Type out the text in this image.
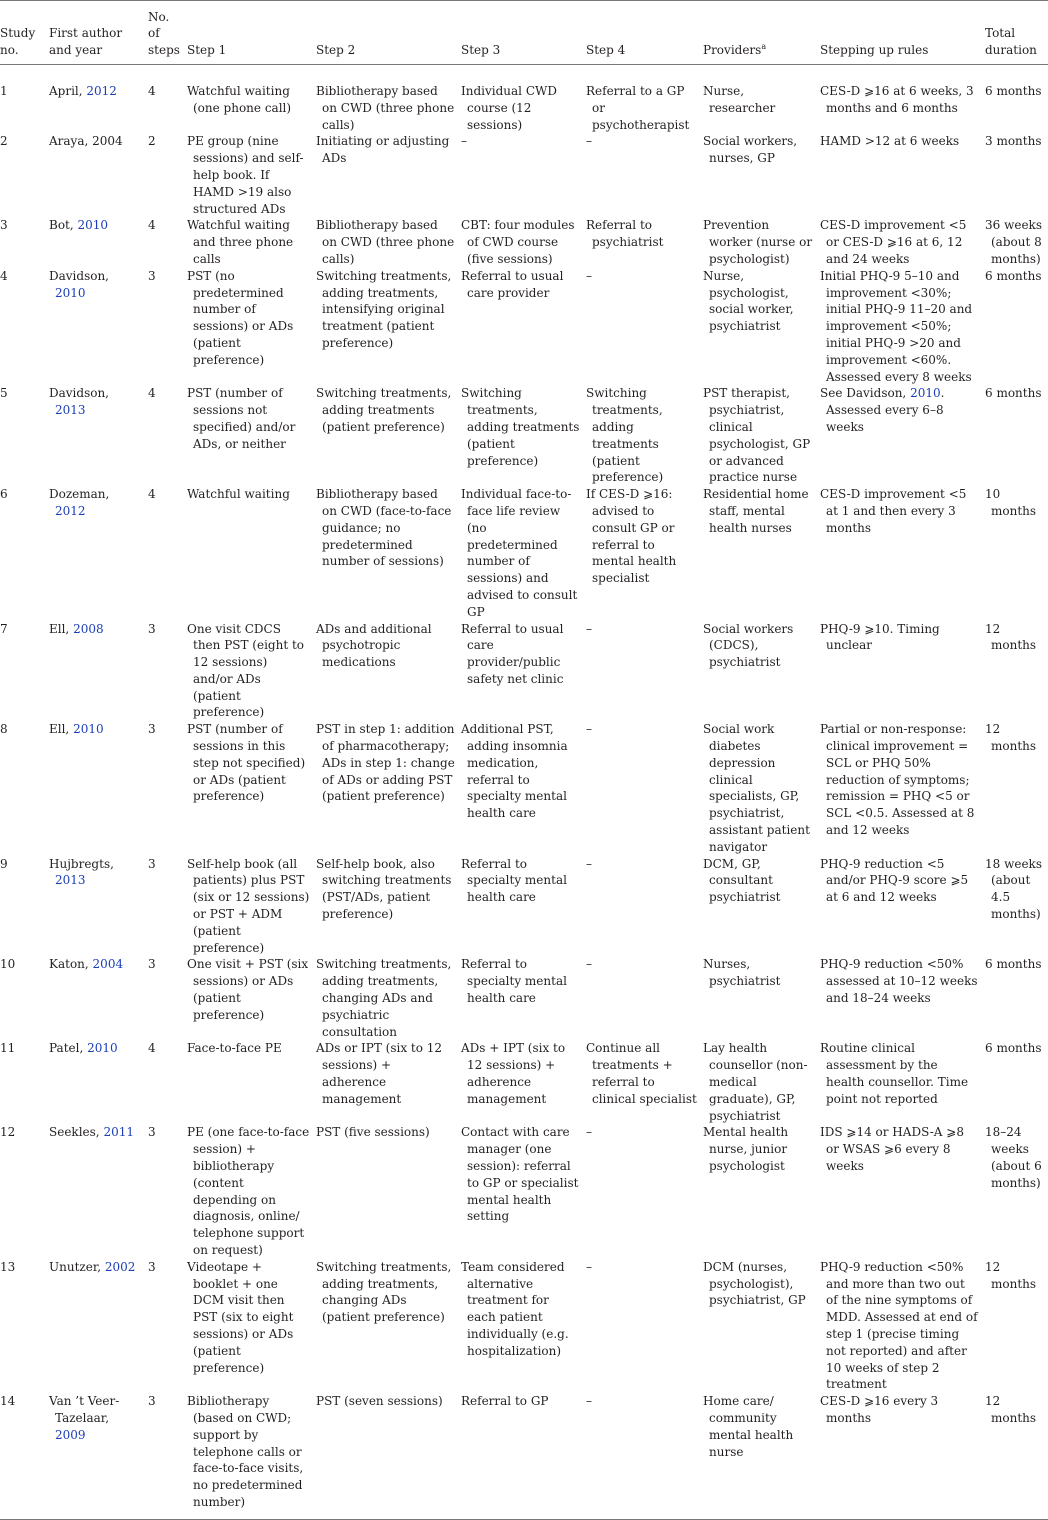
Study no.	First author and year	No. of steps	Step 1	Step 2	Step 3	Step 4	Providers$^a$	Stepping up rules	Total duration
1	April, 2012	4	Watchful waiting (one phone call)	Bibliotherapy based on CWD (three phone calls)	Individual CWD course (12 sessions)	Referral to a GP or psychotherapist	Nurse, researcher	CES-D ⩾16 at 6 weeks, 3 months and 6 months	6 months

2	Araya, 2004	2	PE group (nine sessions) and self-help book. If HAMD >19 also structured ADs	Initiating or adjusting ADs	–	–	Social workers, nurses, GP	HAMD >12 at 6 weeks	3 months

3	Bot, 2010	4	Watchful waiting and three phone calls	Bibliotherapy based on CWD (three phone calls)	CBT: four modules of CWD course (five sessions)	Referral to psychiatrist	Prevention worker (nurse or psychologist)	CES-D improvement <5 or CES-D ⩾16 at 6, 12 and 24 weeks	36 weeks (about 8 months)

4	Davidson, 2010	3	PST (no predetermined number of sessions) or ADs (patient preference)	Switching treatments, adding treatments, intensifying original treatment (patient preference)	Referral to usual care provider	–	Nurse, psychologist, social worker, psychiatrist	Initial PHQ-9 5–10 and improvement <30%; initial PHQ-9 11–20 and improvement <50%; initial PHQ-9 >20 and improvement <60%. Assessed every 8 weeks	6 months

5	Davidson, 2013	4	PST (number of sessions not specified) and/or ADs, or neither	Switching treatments, adding treatments (patient preference)	Switching treatments, adding treatments (patient preference)	Switching treatments, adding treatments (patient preference)	PST therapist, psychiatrist, clinical psychologist, GP or advanced practice nurse	See Davidson, 2010. Assessed every 6–8 weeks	6 months

6	Dozeman, 2012	4	Watchful waiting	Bibliotherapy based on CWD (face-to-face guidance; no predetermined number of sessions)	Individual face-to-face life review (no predetermined number of sessions) and advised to consult GP	If CES-D ⩾16: advised to consult GP or referral to mental health specialist	Residential home staff, mental health nurses	CES-D improvement <5 at 1 and then every 3 months	10 months

7	Ell, 2008	3	One visit CDCS then PST (eight to 12 sessions) and/or ADs (patient preference)	ADs and additional psychotropic medications	Referral to usual care provider/public safety net clinic	–	Social workers (CDCS), psychiatrist	PHQ-9 ⩾10. Timing unclear	12 months

8	Ell, 2010	3	PST (number of sessions in this step not specified) or ADs (patient preference)	PST in step 1: addition of pharmacotherapy; ADs in step 1: change of ADs or adding PST (patient preference)	Additional PST, adding insomnia medication, referral to specialty mental health care	–	Social work diabetes depression clinical specialists, GP, psychiatrist, assistant patient navigator	Partial or non-response: clinical improvement = SCL or PHQ 50% reduction of symptoms; remission = PHQ <5 or SCL <0.5. Assessed at 8 and 12 weeks	12 months

9	Hujbregts, 2013	3	Self-help book (all patients) plus PST (six or 12 sessions) or PST + ADM (patient preference)	Self-help book, also switching treatments (PST/ADs, patient preference)	Referral to specialty mental health care	–	DCM, GP, consultant psychiatrist	PHQ-9 reduction <5 and/or PHQ-9 score ⩾5 at 6 and 12 weeks	18 weeks (about 4.5 months)

10	Katon, 2004	3	One visit + PST (six sessions) or ADs (patient preference)	Switching treatments, adding treatments, changing ADs and psychiatric consultation	Referral to specialty mental health care	–	Nurses, psychiatrist	PHQ-9 reduction <50% assessed at 10–12 weeks and 18–24 weeks	6 months

11	Patel, 2010	4	Face-to-face PE	ADs or IPT (six to 12 sessions) + adherence management	ADs + IPT (six to 12 sessions) + adherence management	Continue all treatments + referral to clinical specialist	Lay health counsellor (non-medical graduate), GP, psychiatrist	Routine clinical assessment by the health counsellor. Time point not reported	6 months

12	Seekles, 2011	3	PE (one face-to-face session) + bibliotherapy (content depending on diagnosis, online/ telephone support on request)	PST (five sessions)	Contact with care manager (one session): referral to GP or specialist mental health setting	–	Mental health nurse, junior psychologist	IDS ⩾14 or HADS-A ⩾8 or WSAS ⩾6 every 8 weeks	18–24 weeks (about 6 months)

13	Unutzer, 2002	3	Videotape + booklet + one DCM visit then PST (six to eight sessions) or ADs (patient preference)	Switching treatments, adding treatments, changing ADs (patient preference)	Team considered alternative treatment for each patient individually (e.g. hospitalization)	–	DCM (nurses, psychologist), psychiatrist, GP	PHQ-9 reduction <50% and more than two out of the nine symptoms of MDD. Assessed at end of step 1 (precise timing not reported) and after 10 weeks of step 2 treatment	12 months

14	Van ’t Veer-Tazelaar, 2009	3	Bibliotherapy (based on CWD; support by telephone calls or face-to-face visits, no predetermined number)	PST (seven sessions)	Referral to GP	–	Home care/ community mental health nurse	CES-D ⩾16 every 3 months	12 months
